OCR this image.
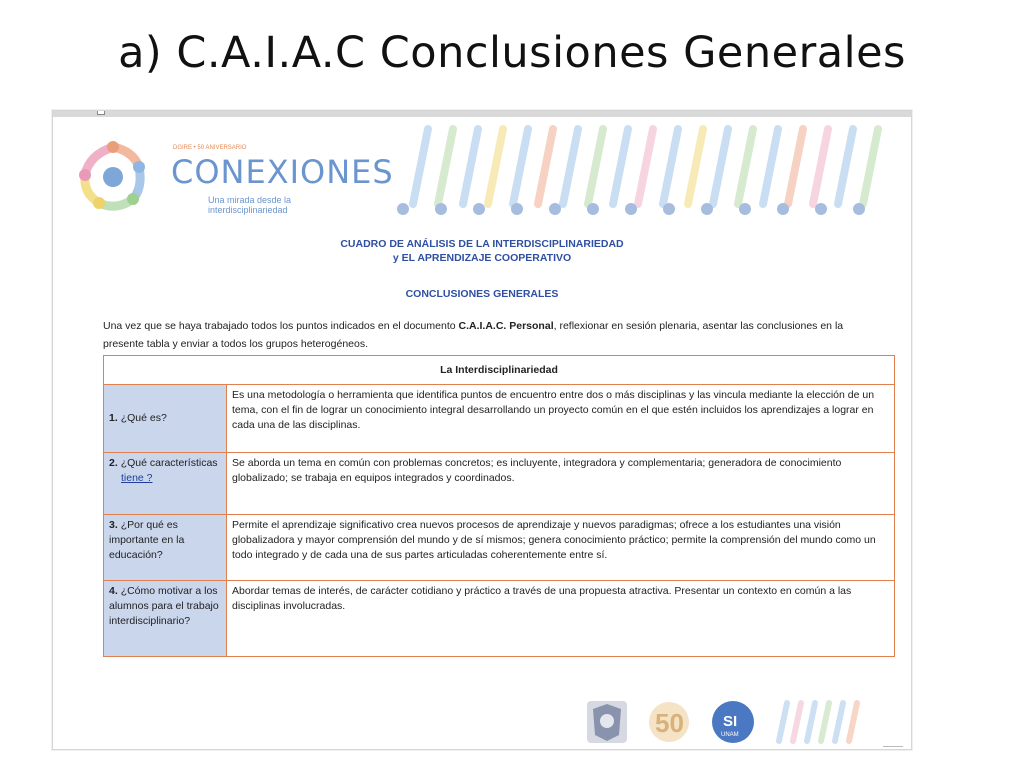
a) C.A.I.A.C Conclusiones Generales
DGIRE • 50 ANIVERSARIO
CONEXIONES
Una mirada desde la interdisciplinariedad
CUADRO DE ANÁLISIS DE LA INTERDISCIPLINARIEDAD
y EL APRENDIZAJE COOPERATIVO
CONCLUSIONES GENERALES
Una vez que se haya trabajado todos los puntos indicados en el documento C.A.I.A.C. Personal, reflexionar en sesión plenaria, asentar las conclusiones en la presente tabla y enviar a todos los grupos heterogéneos.
La Interdisciplinariedad	
1. ¿Qué es?	Es una metodología o herramienta que identifica puntos de encuentro entre dos o más disciplinas y las vincula mediante la elección de un tema, con el fin de lograr un conocimiento integral desarrollando un proyecto común en el que estén incluidos los aprendizajes a lograr en cada una de las disciplinas.
2. ¿Qué características
tiene ?	Se aborda un tema en común con problemas concretos; es incluyente, integradora y complementaria; generadora de conocimiento globalizado; se trabaja en equipos integrados y coordinados.
3. ¿Por qué es importante en la educación?	Permite el aprendizaje significativo crea nuevos procesos de aprendizaje y nuevos paradigmas; ofrece a los estudiantes una visión globalizadora y mayor comprensión del mundo y de sí mismos; genera conocimiento práctico; permite la comprensión del mundo como un todo integrado y de cada una de sus partes articuladas coherentemente entre sí.
4. ¿Cómo motivar a los alumnos para el trabajo interdisciplinario?	Abordar temas de interés, de carácter cotidiano y práctico a través de una propuesta atractiva. Presentar un contexto en común a las disciplinas involucradas.
50	SI
UNAM
